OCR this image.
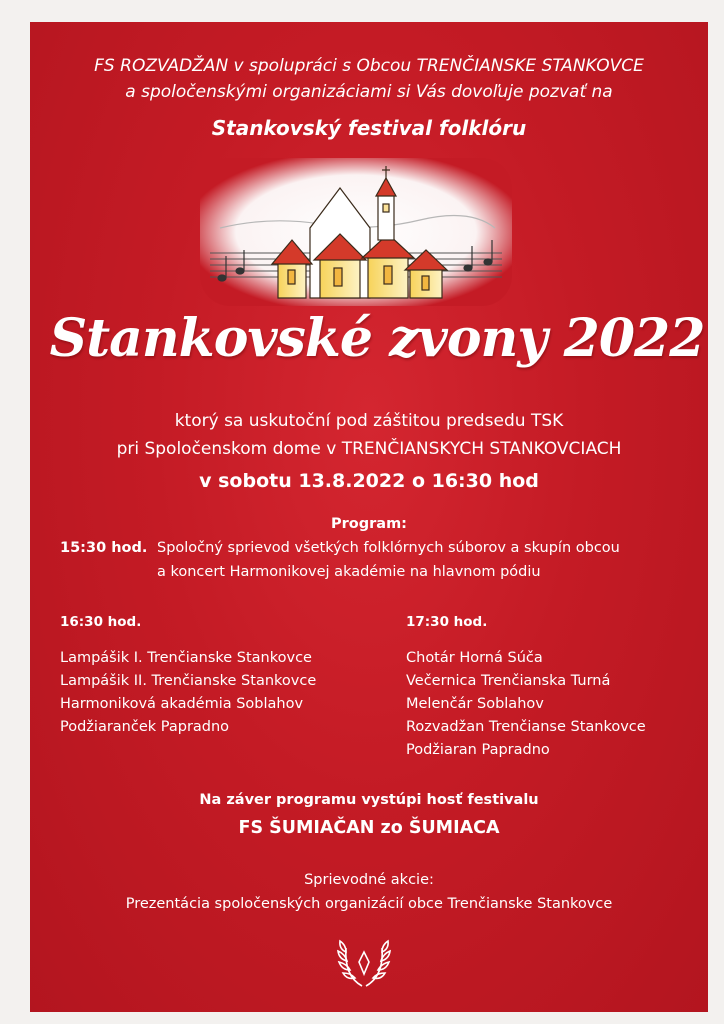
FS ROZVADŽAN v spolupráci s Obcou TRENČIANSKE STANKOVCE
a spoločenskými organizáciami si Vás dovoľuje pozvať na
Stankovský festival folklóru
Stankovské zvony 2022
ktorý sa uskutoční pod záštitou predsedu TSK
pri Spoločenskom dome v TRENČIANSKYCH STANKOVCIACH
v sobotu 13.8.2022 o 16:30 hod
Program:
15:30 hod. Spoločný sprievod všetkých folklórnych súborov a skupín obcou
a koncert Harmonikovej akadémie na hlavnom pódiu
16:30 hod.
Lampášik I. Trenčianske Stankovce
Lampášik II. Trenčianske Stankovce
Harmoniková akadémia Soblahov
Podžiaranček Papradno
17:30 hod.
Chotár Horná Súča
Večernica Trenčianska Turná
Melenčár Soblahov
Rozvadžan Trenčianse Stankovce
Podžiaran Papradno
Na záver programu vystúpi hosť festivalu
FS ŠUMIAČAN zo ŠUMIACA
Sprievodné akcie:
Prezentácia spoločenských organizácií obce Trenčianske Stankovce
